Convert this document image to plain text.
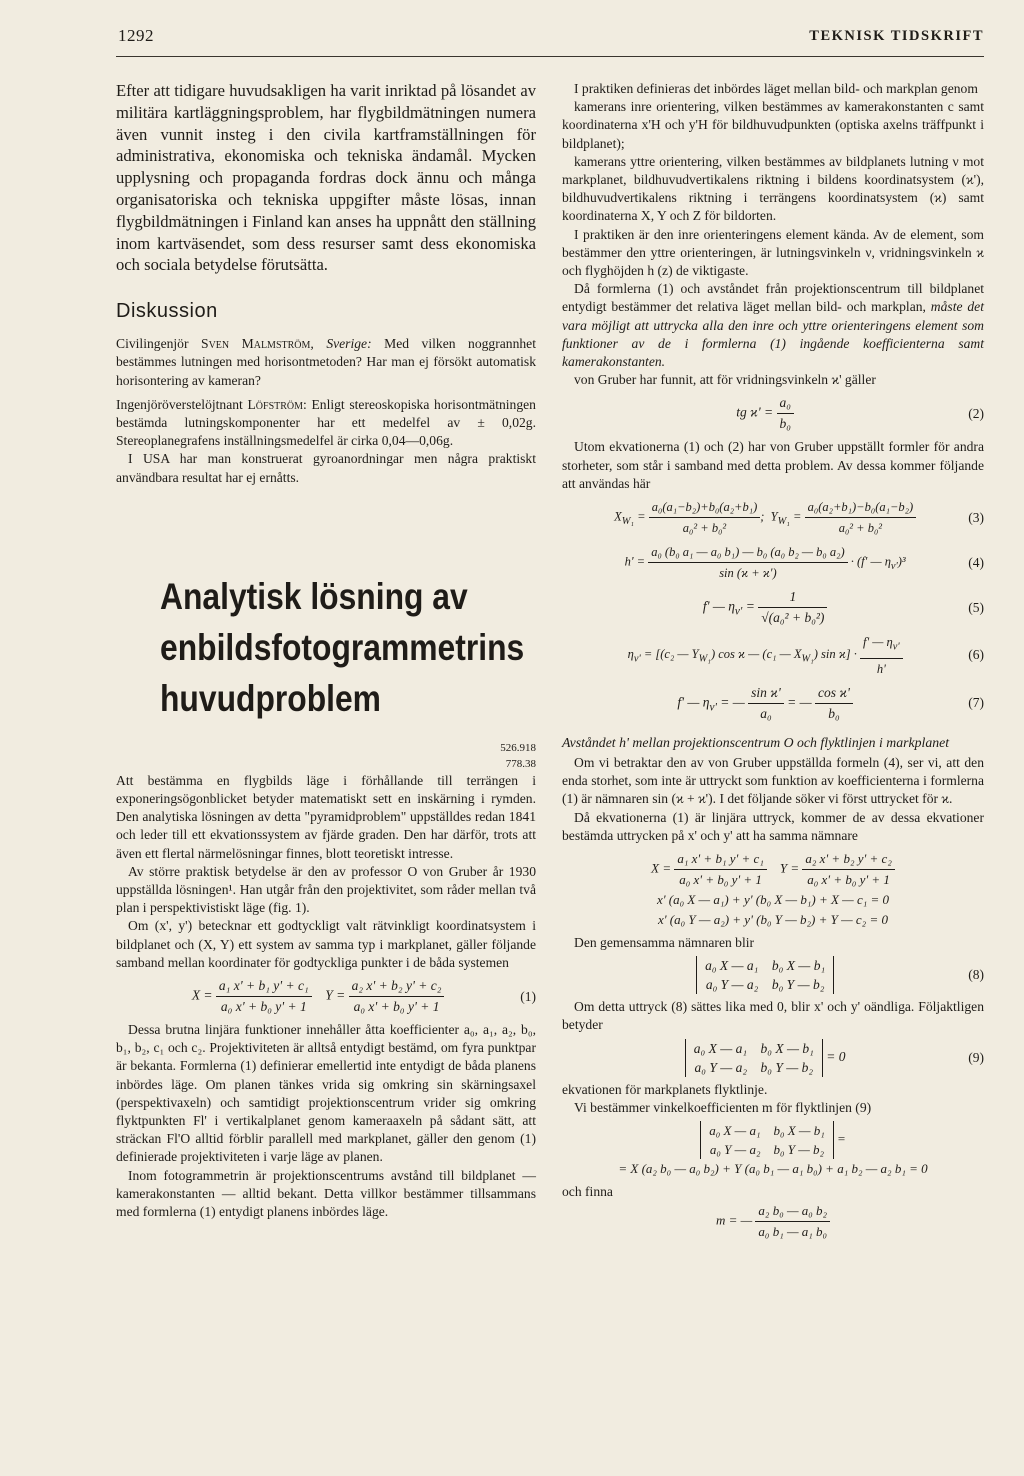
1292	TEKNISK TIDSKRIFT

Efter att tidigare huvudsakligen ha varit inriktad på lösandet av militära kartläggningsproblem, har flygbildmätningen numera även vunnit insteg i den civila kartframställningen för administrativa, ekonomiska och tekniska ändamål. Mycken upplysning och propaganda fordras dock ännu och många organisatoriska och tekniska uppgifter måste lösas, innan flygbildmätningen i Finland kan anses ha uppnått den ställning inom kartväsendet, som dess resurser samt dess ekonomiska och sociala betydelse förutsätta.

Diskussion

Civilingenjör Sven Malmström, Sverige: Med vilken noggrannhet bestämmes lutningen med horisontmetoden? Har man ej försökt automatisk horisontering av kameran?

Ingenjöröverstelöjtnant Löfström: Enligt stereoskopiska horisontmätningen bestämda lutningskomponenter har ett medelfel av ± 0,02g. Stereoplanegrafens inställningsmedelfel är cirka 0,04—0,06g.

I USA har man konstruerat gyroanordningar men några praktiskt användbara resultat har ej ernåtts.

Analytisk lösning av
enbildsfotogrammetrins
huvudproblem
526.918
778.38

Att bestämma en flygbilds läge i förhållande till terrängen i exponeringsögonblicket betyder matematiskt sett en inskärning i rymden. Den analytiska lösningen av detta "pyramidproblem" uppställdes redan 1841 och leder till ett ekvationssystem av fjärde graden. Den har därför, trots att även ett flertal närmelösningar finnes, blott teoretiskt intresse.

Av större praktisk betydelse är den av professor O von Gruber år 1930 uppställda lösningen¹. Han utgår från den projektivitet, som råder mellan två plan i perspektivistiskt läge (fig. 1).

Om (x', y') betecknar ett godtyckligt valt rätvinkligt koordinatsystem i bildplanet och (X, Y) ett system av samma typ i markplanet, gäller följande samband mellan koordinater för godtyckliga punkter i de båda systemen

$X = \frac{\text{a₁ x' + b₁ y' + c₁}}{\text{a₀ x' + b₀ y' + 1}}$ $Y = \frac{\text{a₂ x' + b₂ y' + c₂}}{\text{a₀ x' + b₀ y' + 1}}$	(1)

Dessa brutna linjära funktioner innehåller åtta koefficienter a₀, a₁, a₂, b₀, b₁, b₂, c₁ och c₂. Projektiviteten är alltså entydigt bestämd, om fyra punktpar är bekanta. Formlerna (1) definierar emellertid inte entydigt de båda planens inbördes läge. Om planen tänkes vrida sig omkring sin skärningsaxel (perspektivaxeln) och samtidigt projektionscentrum vrider sig omkring flyktpunkten Fl' i vertikalplanet genom kameraaxeln på sådant sätt, att sträckan Fl'O alltid förblir parallell med markplanet, gäller den genom (1) definierade projektiviteten i varje läge av planen.

Inom fotogrammetrin är projektionscentrums avstånd till bildplanet — kamerakonstanten — alltid bekant. Detta villkor bestämmer tillsammans med formlerna (1) entydigt planens inbördes läge.

I praktiken definieras det inbördes läget mellan bild- och markplan genom

kamerans inre orientering, vilken bestämmes av kamerakonstanten c samt koordinaterna x'H och y'H för bildhuvudpunkten (optiska axelns träffpunkt i bildplanet);

kamerans yttre orientering, vilken bestämmes av bildplanets lutning ν mot markplanet, bildhuvudvertikalens riktning i bildens koordinatsystem (ϰ'), bildhuvudvertikalens riktning i terrängens koordinatsystem (ϰ) samt koordinaterna X, Y och Z för bildorten.

I praktiken är den inre orienteringens element kända. Av de element, som bestämmer den yttre orienteringen, är lutningsvinkeln ν, vridningsvinkeln ϰ och flyghöjden h (z) de viktigaste.

Då formlerna (1) och avståndet från projektionscentrum till bildplanet entydigt bestämmer det relativa läget mellan bild- och markplan, måste det vara möjligt att uttrycka alla den inre och yttre orienteringens element som funktioner av de i formlerna (1) ingående koefficienterna samt kamerakonstanten.

von Gruber har funnit, att för vridningsvinkeln ϰ' gäller

tg $ϰ' = \frac{\text{a₀}}{\text{b₀}}$	(2)

Utom ekvationerna (1) och (2) har von Gruber uppställt formler för andra storheter, som står i samband med detta problem. Av dessa kommer följande att användas här

$X_{W_1} = \frac{\text{a₀(a₁−b₂)+b₀(a₂+b₁)}}{\text{a₀² + b₀²}}$ ;  $Y_{W_1} = \frac{\text{a₀(a₂+b₁)−b₀(a₁−b₂)}}{\text{a₀² + b₀²}}$	(3)
$h' = \frac{\text{a₀ (b₀ a₁ — a₀ b₁) — b₀ (a₀ b₂ — b₀ a₂)}}{\sin (ϰ + ϰ')} \cdot (f'$ — $\eta_{\nu'})^3$	(4)
f' — $\eta_{\nu'} = \frac{1}{\text{√(a₀² + b₀²)}}$	(5)
$\eta_{\nu'} = [(c_2$ — $Y_{W_1}$) cos ϰ — (c₁ — $X_{W_1}$) $\sin ϰ] \cdot \frac{f' — \eta_{\nu'}}{h'}$	(6)
f' — $\eta_{\nu'}$ = — $\frac{\text{sin ϰ'}}{\text{a₀}}$ = — $\frac{\text{cos ϰ'}}{\text{b₀}}$	(7)
Avståndet h' mellan projektionscentrum O och flyktlinjen i markplanet

Om vi betraktar den av von Gruber uppställda formeln (4), ser vi, att den enda storhet, som inte är uttryckt som funktion av koefficienterna i formlerna (1) är nämnaren sin (ϰ + ϰ'). I det följande söker vi först uttrycket för ϰ.

Då ekvationerna (1) är linjära uttryck, kommer de av dessa ekvationer bestämda uttrycken på x' och y' att ha samma nämnare

$X = \frac{\text{a₁ x' + b₁ y' + c₁}}{\text{a₀ x' + b₀ y' + 1}}$ $Y = \frac{\text{a₂ x' + b₂ y' + c₂}}{\text{a₀ x' + b₀ y' + 1}}$
x' (a₀ X — a₁) + y' (b₀ X — b₁) + X — c₁ = 0
x' (a₀ Y — a₂) + y' (b₀ Y — b₂) + Y — c₂ = 0

Den gemensamma nämnaren blir

a₀ X — a₁    b₀ X — b₁
a₀ Y — a₂    b₀ Y — b₂
(8)

Om detta uttryck (8) sättes lika med 0, blir x' och y' oändliga. Följaktligen betyder

a₀ X — a₁    b₀ X — b₁
a₀ Y — a₂    b₀ Y — b₂
= 0	(9)

ekvationen för markplanets flyktlinje.

Vi bestämmer vinkelkoefficienten m för flyktlinjen (9)

a₀ X — a₁    b₀ X — b₁
a₀ Y — a₂    b₀ Y — b₂
=
= X (a₂ b₀ — a₀ b₂) + Y (a₀ b₁ — a₁ b₀) + a₁ b₂ — a₂ b₁ = 0

och finna

m = — $\frac{\text{a₂ b₀ — a₀ b₂}}{\text{a₀ b₁ — a₁ b₀}}$
